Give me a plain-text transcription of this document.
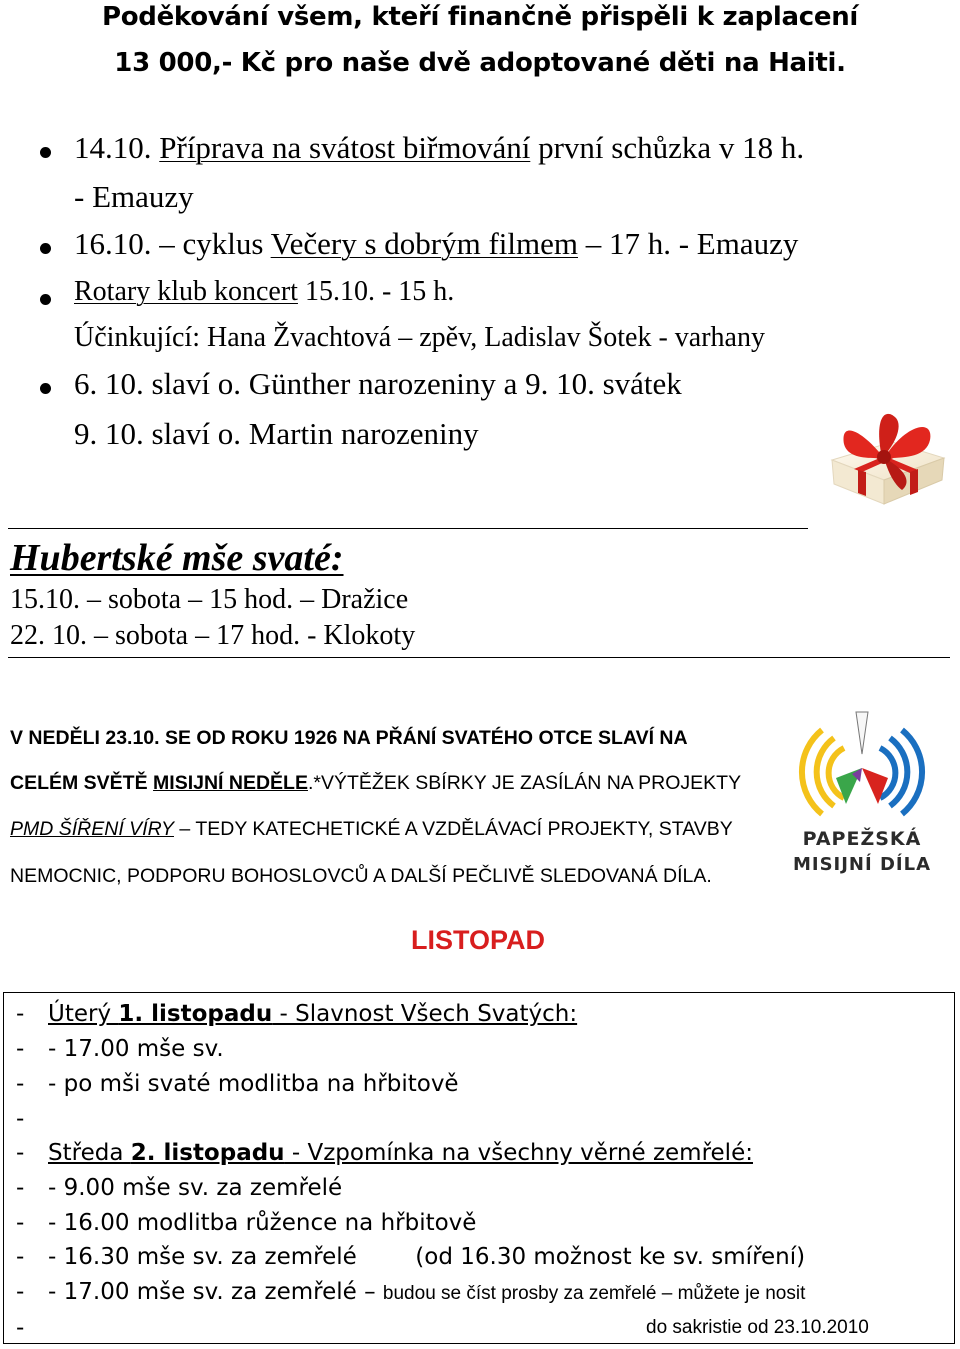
Poděkování všem, kteří finančně přispěli k zaplacení
13 000,- Kč pro naše dvě adoptované děti na Haiti.
14.10. Příprava na svátost biřmování první schůzka v 18 h.
- Emauzy
16.10. – cyklus Večery s dobrým filmem – 17 h. - Emauzy
Rotary klub koncert 15.10. - 15 h.
Účinkující: Hana Žvachtová – zpěv, Ladislav Šotek - varhany
6. 10. slaví o. Günther narozeniny a 9. 10. svátek
9. 10. slaví o. Martin narozeniny
Hubertské mše svaté:
15.10. – sobota – 15 hod. – Dražice
22. 10. – sobota – 17 hod. - Klokoty
V NEDĚLI 23.10. SE OD ROKU 1926 NA PŘÁNÍ SVATÉHO OTCE SLAVÍ NA
CELÉM SVĚTĚ MISIJNÍ NEDĚLE.*VÝTĚŽEK SBÍRKY JE ZASÍLÁN NA PROJEKTY
PMD ŠÍŘENÍ VÍRY – TEDY KATECHETICKÉ A VZDĚLÁVACÍ PROJEKTY, STAVBY
NEMOCNIC, PODPORU BOHOSLOVCŮ A DALŠÍ PEČLIVĚ SLEDOVANÁ DÍLA.
PAPEŽSKÁ
MISIJNÍ DÍLA
LISTOPAD
- Úterý 1. listopadu - Slavnost Všech Svatých:
- - 17.00 mše sv.
- - po mši svaté modlitba na hřbitově
-
- Středa 2. listopadu - Vzpomínka na všechny věrné zemřelé:
- - 9.00 mše sv. za zemřelé
- - 16.00 modlitba růžence na hřbitově
- - 16.30 mše sv. za zemřelé        (od 16.30 možnost ke sv. smíření)
- - 17.00 mše sv. za zemřelé – budou se číst prosby za zemřelé – můžete je nosit
-	do sakristie od 23.10.2010
